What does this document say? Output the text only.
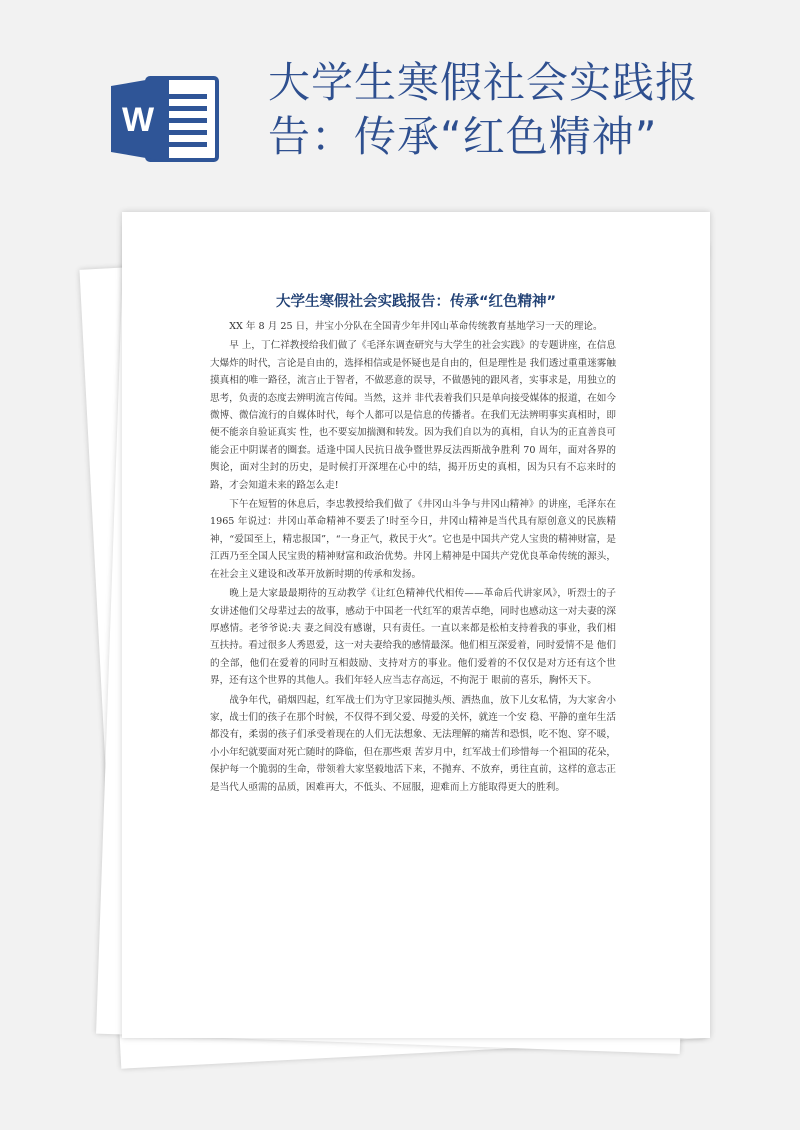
W
大学生寒假社会实践报告：传承“红色精神”
大学生寒假社会实践报告：传承“红色精神”

XX 年 8 月 25 日，井宝小分队在全国青少年井冈山革命传统教育基地学习一天的理论。

早 上，丁仁祥教授给我们做了《毛泽东调查研究与大学生的社会实践》的专题讲座，在信息大爆炸的时代，言论是自由的，选择相信或是怀疑也是自由的，但是理性是 我们透过重重迷雾触摸真相的唯一路径，流言止于智者，不做恶意的误导，不做愚钝的跟风者，实事求是，用独立的思考，负责的态度去辨明流言传闻。当然，这并 非代表着我们只是单向接受媒体的报道，在如今微博、微信流行的自媒体时代，每个人都可以是信息的传播者。在我们无法辨明事实真相时，即便不能亲自验证真实 性，也不要妄加揣测和转发。因为我们自以为的真相，自认为的正直善良可能会正中阴谋者的圈套。适逢中国人民抗日战争暨世界反法西斯战争胜利 70 周年，面对各界的舆论，面对尘封的历史，是时候打开深埋在心中的结，揭开历史的真相，因为只有不忘来时的路，才会知道未来的路怎么走!

下午在短暂的休息后，李忠教授给我们做了《井冈山斗争与井冈山精神》的讲座，毛泽东在 1965 年说过：井冈山革命精神不要丢了!时至今日，井冈山精神是当代具有原创意义的民族精神，“爱国至上，精忠报国”，“一身正气，救民于火”。它也是中国共产党人宝贵的精神财富，是江西乃至全国人民宝贵的精神财富和政治优势。井冈上精神是中国共产党优良革命传统的源头，在社会主义建设和改革开放新时期的传承和发扬。

晚上是大家最最期待的互动教学《让红色精神代代相传——革命后代讲家风》，听烈士的子女讲述他们父母辈过去的故事，感动于中国老一代红军的艰苦卓绝，同时也感动这一对夫妻的深厚感情。老爷爷说:夫 妻之间没有感谢，只有责任。一直以来都是松柏支持着我的事业，我们相互扶持。看过很多人秀恩爱，这一对夫妻给我的感情最深。他们相互深爱着，同时爱情不是 他们的全部，他们在爱着的同时互相鼓励、支持对方的事业。他们爱着的不仅仅是对方还有这个世界，还有这个世界的其他人。我们年轻人应当志存高远，不拘泥于 眼前的喜乐，胸怀天下。

战争年代，硝烟四起，红军战士们为守卫家园抛头颅、洒热血，放下儿女私情，为大家舍小家，战士们的孩子在那个时候，不仅得不到父爱、母爱的关怀，就连一个安 稳、平静的童年生活都没有，柔弱的孩子们承受着现在的人们无法想象、无法理解的痛苦和恐惧，吃不饱、穿不暖，小小年纪就要面对死亡随时的降临，但在那些艰 苦岁月中，红军战士们珍惜每一个祖国的花朵，保护每一个脆弱的生命，带领着大家坚毅地活下来，不抛弃、不放弃，勇往直前，这样的意志正是当代人亟需的品质，困难再大，不低头、不屈服，迎难而上方能取得更大的胜利。
